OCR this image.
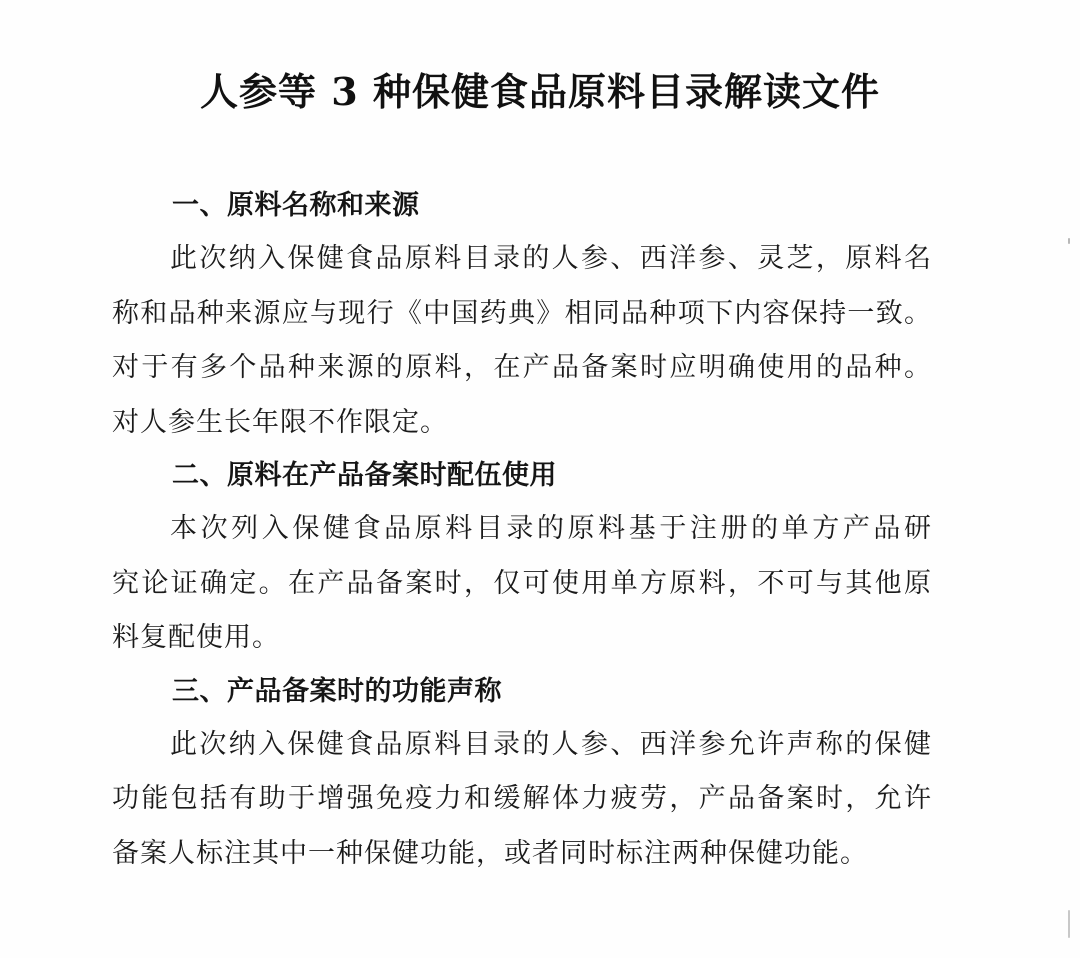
人参等 3 种保健食品原料目录解读文件
一、原料名称和来源

此次纳入保健食品原料目录的人参、西洋参、灵芝，原料名
称和品种来源应与现行《中国药典》相同品种项下内容保持一致。
对于有多个品种来源的原料，在产品备案时应明确使用的品种。
对人参生长年限不作限定。

二、原料在产品备案时配伍使用

本次列入保健食品原料目录的原料基于注册的单方产品研
究论证确定。在产品备案时，仅可使用单方原料，不可与其他原
料复配使用。

三、产品备案时的功能声称

此次纳入保健食品原料目录的人参、西洋参允许声称的保健
功能包括有助于增强免疫力和缓解体力疲劳，产品备案时，允许
备案人标注其中一种保健功能，或者同时标注两种保健功能。
